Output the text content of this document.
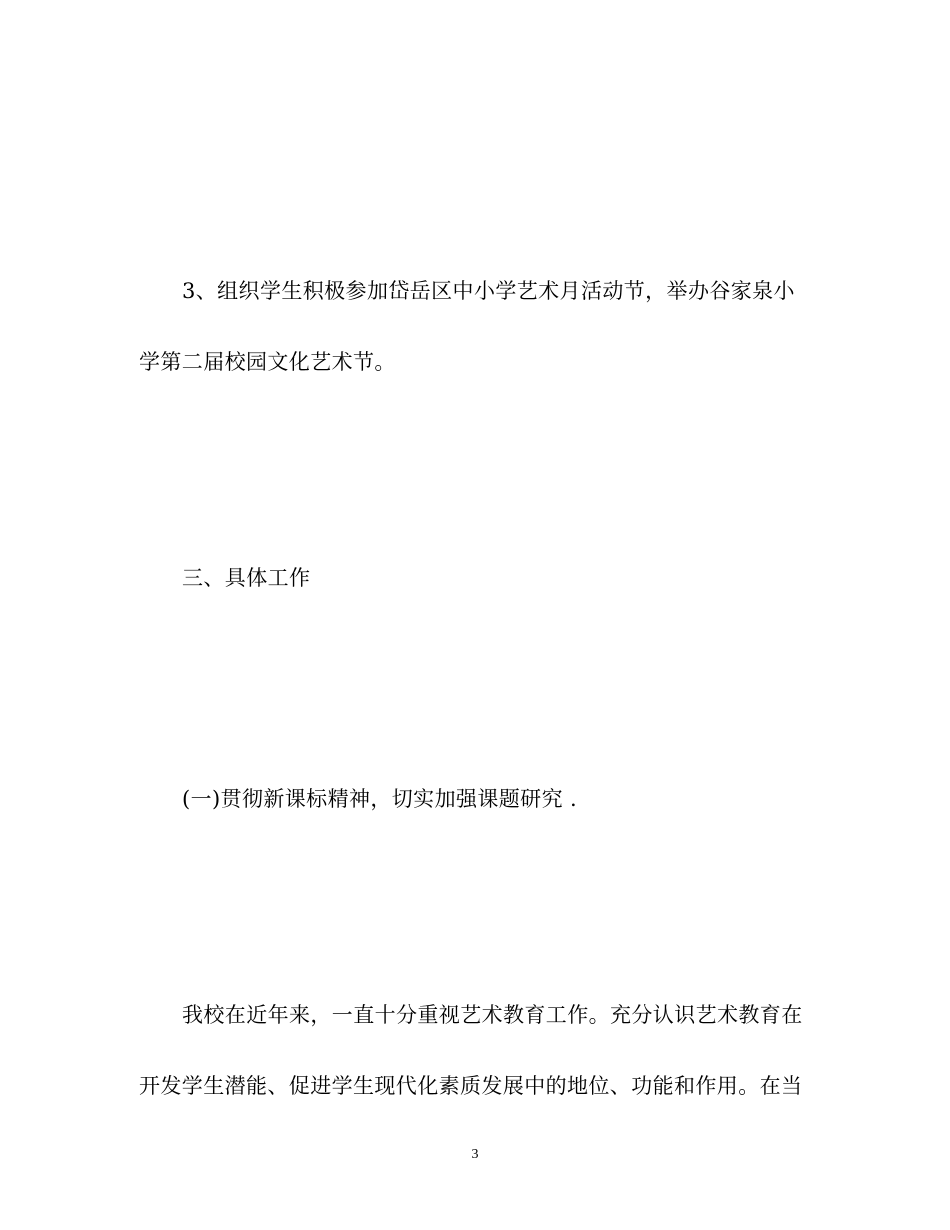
3、组织学生积极参加岱岳区中小学艺术月活动节，举办谷家泉小
学第二届校园文化艺术节。
三、具体工作
(一)贯彻新课标精神，切实加强课题研究 .
我校在近年来，一直十分重视艺术教育工作。充分认识艺术教育在
开发学生潜能、促进学生现代化素质发展中的地位、功能和作用。在当
3
